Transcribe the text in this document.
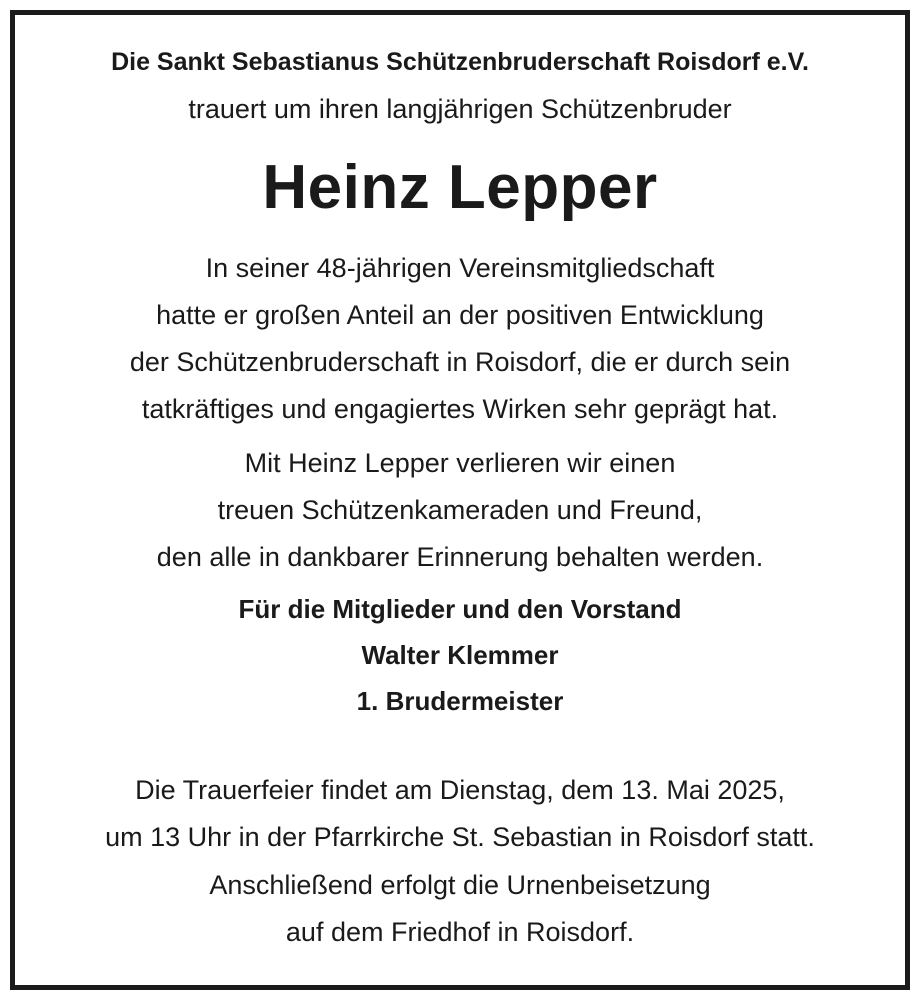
Die Sankt Sebastianus Schützenbruderschaft Roisdorf e.V.
trauert um ihren langjährigen Schützenbruder
Heinz Lepper
In seiner 48-jährigen Vereinsmitgliedschaft
hatte er großen Anteil an der positiven Entwicklung
der Schützenbruderschaft in Roisdorf, die er durch sein
tatkräftiges und engagiertes Wirken sehr geprägt hat.
Mit Heinz Lepper verlieren wir einen
treuen Schützenkameraden und Freund,
den alle in dankbarer Erinnerung behalten werden.
Für die Mitglieder und den Vorstand
Walter Klemmer
1. Brudermeister
Die Trauerfeier findet am Dienstag, dem 13. Mai 2025,
um 13 Uhr in der Pfarrkirche St. Sebastian in Roisdorf statt.
Anschließend erfolgt die Urnenbeisetzung
auf dem Friedhof in Roisdorf.
